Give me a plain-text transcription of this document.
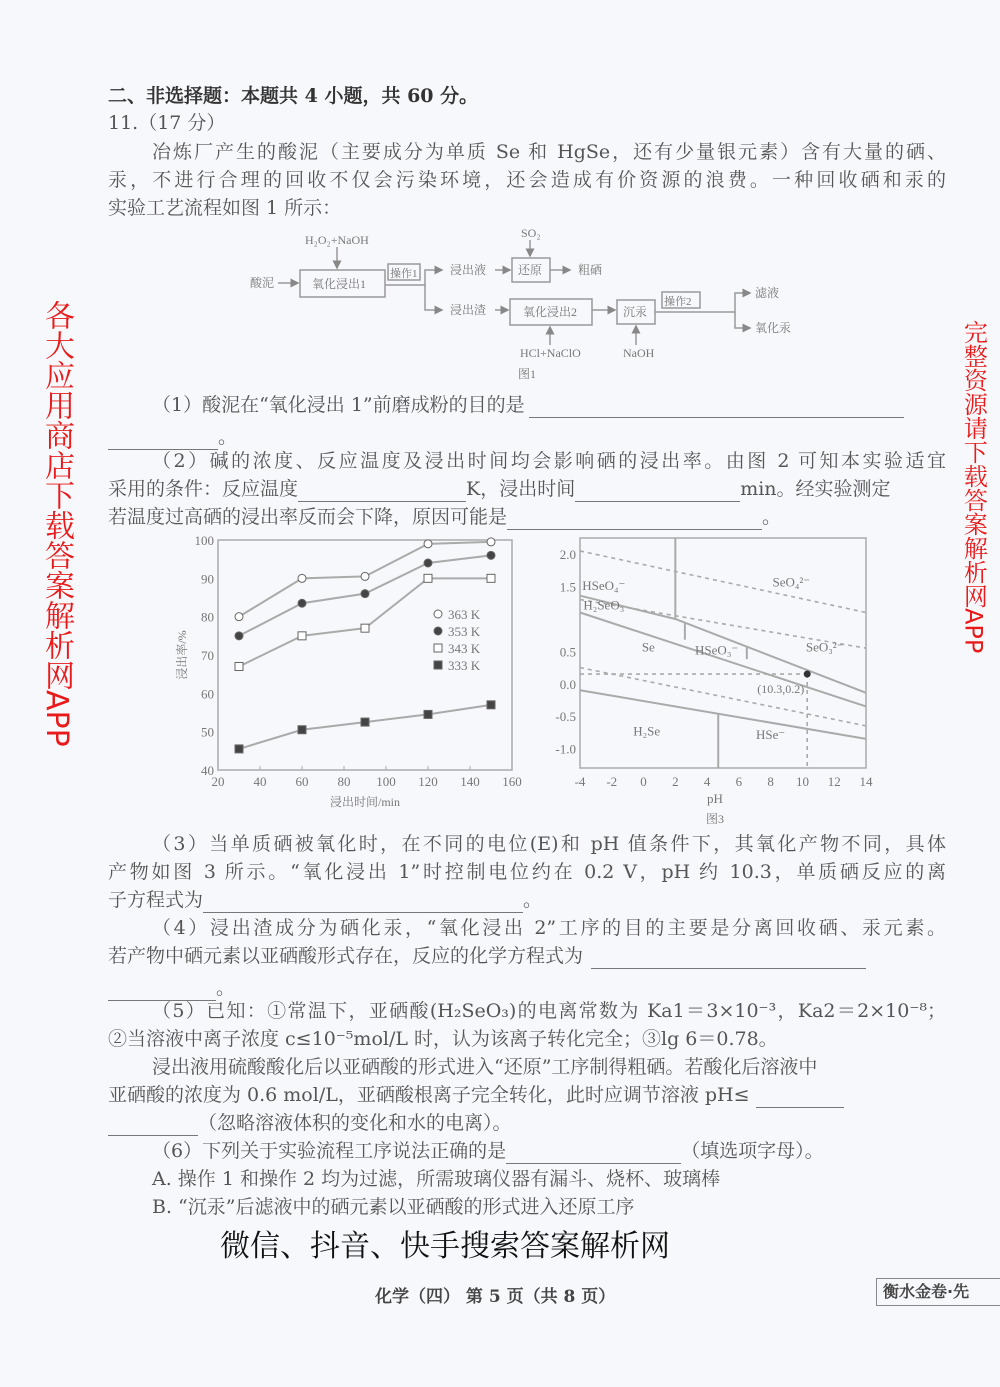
二、非选择题：本题共 4 小题，共 60 分。
11.（17 分）
冶炼厂产生的酸泥（主要成分为单质 Se 和 HgSe，还有少量银元素）含有大量的硒、
汞，不进行合理的回收不仅会污染环境，还会造成有价资源的浪费。一种回收硒和汞的
实验工艺流程如图 1 所示：
酸泥
H₂O₂+NaOH
氧化浸出1
操作1	浸出液
SO₂
还原	粗硒
浸出渣	氧化浸出2
HCl+NaClO
沉汞
NaOH
操作2
滤液
氧化汞
图1
（1）酸泥在“氧化浸出 1”前磨成粉的目的是
。
（2）碱的浓度、反应温度及浸出时间均会影响硒的浸出率。由图 2 可知本实验适宜
采用的条件：反应温度	K，浸出时间	min。经实验测定
若温度过高硒的浸出率反而会下降，原因可能是	。
20 40 60 80 100 120 140 160
40
50
60
70
80
90
100
浸出时间/min
浸出率/%
363 K
353 K
343 K
333 K
-4 -2 0 2 4 6 8 10 12 14
-1.0
-0.5
0.0
0.5
1.5
2.0
pH
图3
(10.3,0.2)
HSeO₄⁻
H₂SeO₃
SeO₄²⁻
Se	HSeO₃⁻	SeO₃²⁻
H₂Se	HSe⁻
（3）当单质硒被氧化时，在不同的电位(E)和 pH 值条件下，其氧化产物不同，具体
产物如图 3 所示。“氧化浸出 1”时控制电位约在 0.2 V，pH 约 10.3，单质硒反应的离
子方程式为	。
（4）浸出渣成分为硒化汞，“氧化浸出 2”工序的目的主要是分离回收硒、汞元素。
若产物中硒元素以亚硒酸形式存在，反应的化学方程式为
。
（5）已知：①常温下，亚硒酸(H₂SeO₃)的电离常数为 Ka1＝3×10⁻³，Ka2＝2×10⁻⁸；
②当溶液中离子浓度 c≤10⁻⁵mol/L 时，认为该离子转化完全；③lg 6＝0.78。
浸出液用硫酸酸化后以亚硒酸的形式进入“还原”工序制得粗硒。若酸化后溶液中
亚硒酸的浓度为 0.6 mol/L，亚硒酸根离子完全转化，此时应调节溶液 pH≤
（忽略溶液体积的变化和水的电离）。
（6）下列关于实验流程工序说法正确的是	（填选项字母）。
A. 操作 1 和操作 2 均为过滤，所需玻璃仪器有漏斗、烧杯、玻璃棒
B. “沉汞”后滤液中的硒元素以亚硒酸的形式进入还原工序
化学（四） 第 5 页（共 8 页）	衡水金卷·先
各大应用商店下载答案解析网APP	完整资源请下载答案解析网APP
微信、抖音、快手搜索答案解析网
